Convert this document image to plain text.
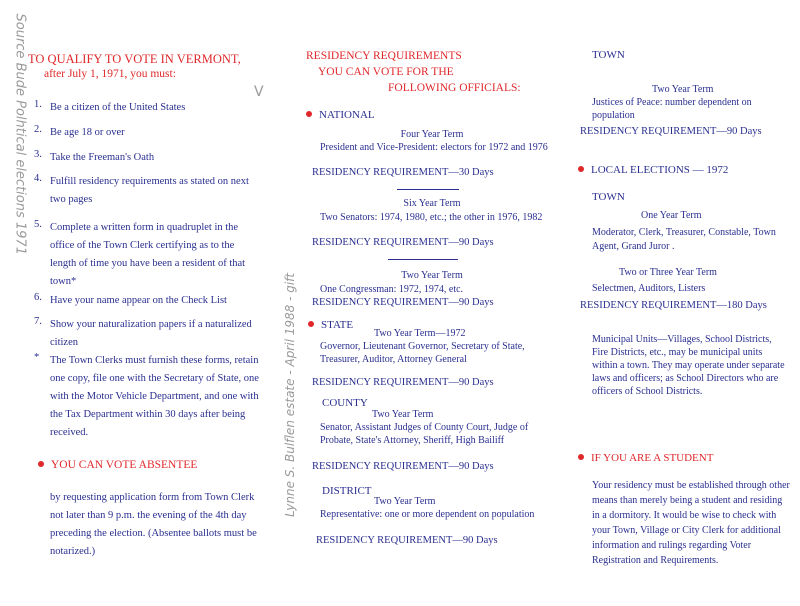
Source Bude Polhtical elections 1971
Lynne S. Bulflen estate - April 1988 - gift
V
TO QUALIFY TO VOTE IN VERMONT,
after July 1, 1971, you must:
1. Be a citizen of the United States
2. Be age 18 or over
3. Take the Freeman's Oath
4. Fulfill residency requirements as stated on next two pages
5. Complete a written form in quadruplet in the office of the Town Clerk certifying as to the length of time you have been a resident of that town*
6. Have your name appear on the Check List
7. Show your naturalization papers if a naturalized citizen
* The Town Clerks must furnish these forms, retain one copy, file one with the Secretary of State, one with the Motor Vehicle Department, and one with the Tax Department within 30 days after being received.
YOU CAN VOTE ABSENTEE
by requesting application form from Town Clerk not later than 9 p.m. the evening of the 4th day preceding the election. (Absentee ballots must be notarized.)
RESIDENCY REQUIREMENTS
YOU CAN VOTE FOR THE
FOLLOWING OFFICIALS:
NATIONAL
Four Year Term
President and Vice-President: electors for 1972 and 1976
RESIDENCY REQUIREMENT—30 Days
Six Year Term
Two Senators: 1974, 1980, etc.; the other in 1976, 1982
RESIDENCY REQUIREMENT—90 Days
Two Year Term
One Congressman: 1972, 1974, etc.
RESIDENCY REQUIREMENT—90 Days
STATE
Two Year Term—1972
Governor, Lieutenant Governor, Secretary of State, Treasurer, Auditor, Attorney General
RESIDENCY REQUIREMENT—90 Days
COUNTY
Two Year Term
Senator, Assistant Judges of County Court, Judge of Probate, State's Attorney, Sheriff, High Bailiff
RESIDENCY REQUIREMENT—90 Days
DISTRICT
Two Year Term
Representative: one or more dependent on population
RESIDENCY REQUIREMENT—90 Days
TOWN
Two Year Term
Justices of Peace: number dependent on population
RESIDENCY REQUIREMENT—90 Days
LOCAL ELECTIONS — 1972
TOWN
One Year Term
Moderator, Clerk, Treasurer, Constable, Town Agent, Grand Juror .
Two or Three Year Term
Selectmen, Auditors, Listers
RESIDENCY REQUIREMENT—180 Days
Municipal Units—Villages, School Districts, Fire Districts, etc., may be municipal units within a town. They may operate under separate laws and officers; as School Directors who are officers of School Districts.
IF YOU ARE A STUDENT
Your residency must be established through other means than merely being a student and residing in a dormitory. It would be wise to check with your Town, Village or City Clerk for additional information and rulings regarding Voter Registration and Requirements.
